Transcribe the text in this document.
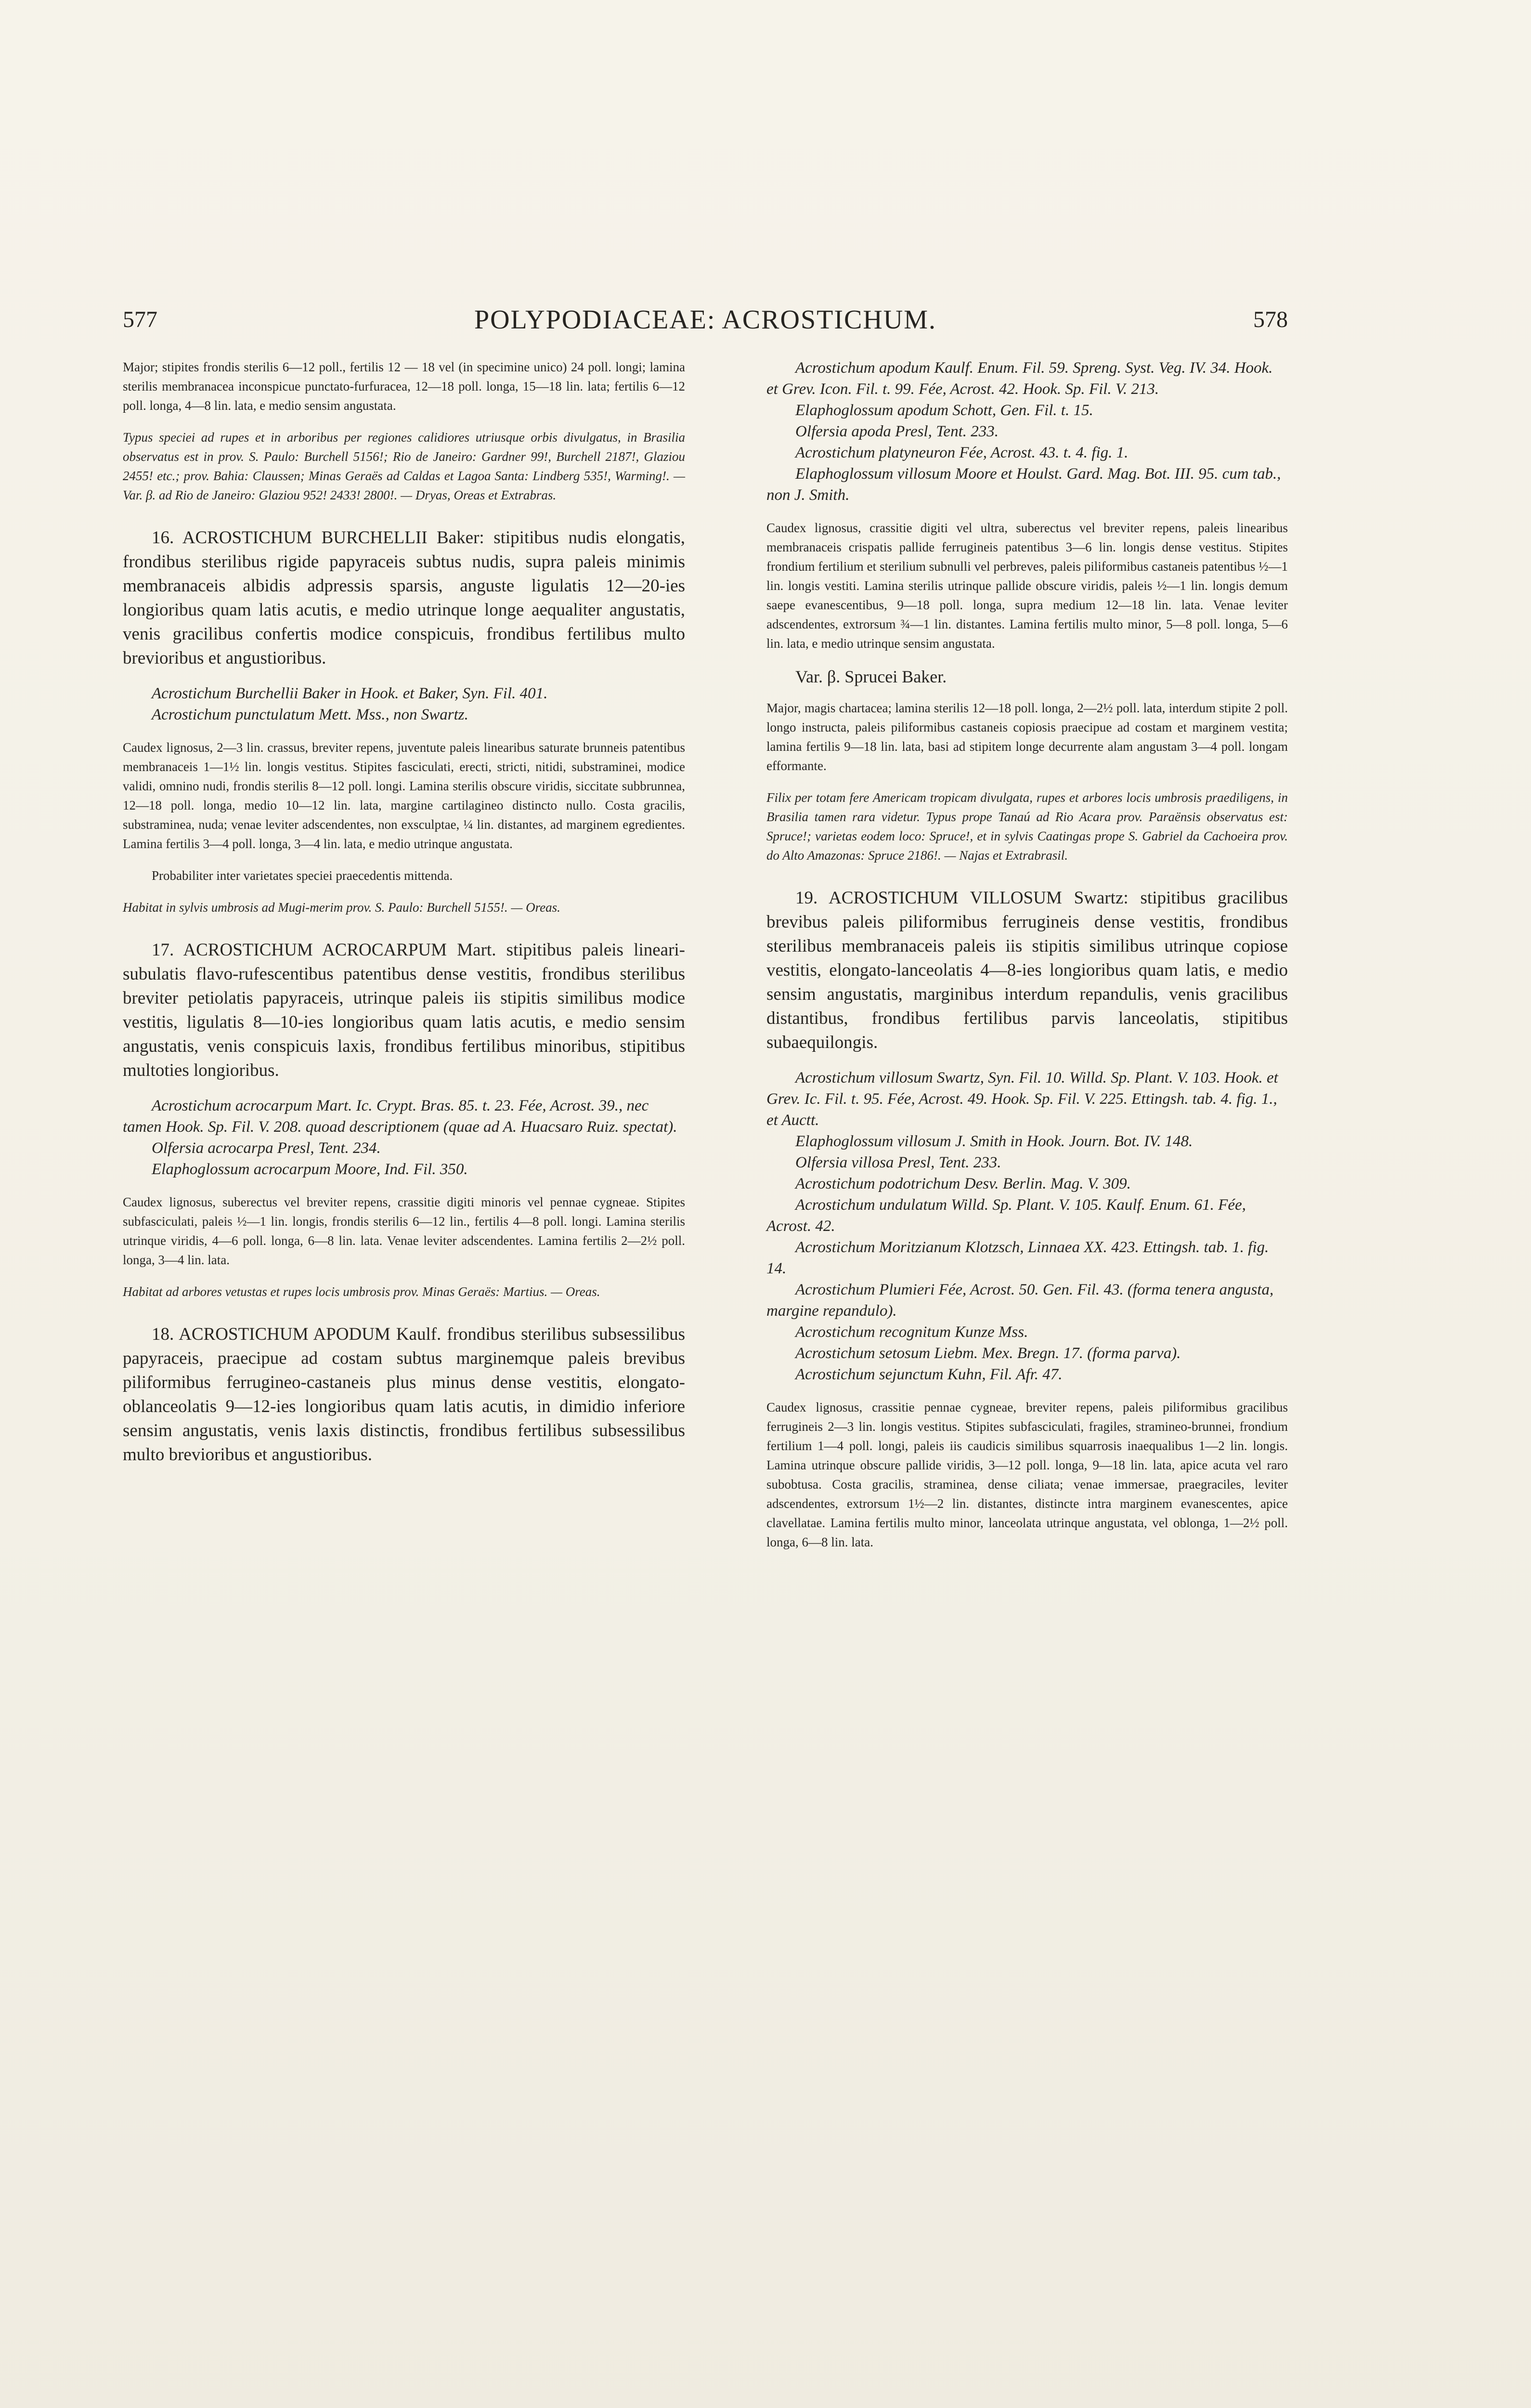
577	POLYPODIACEAE: ACROSTICHUM.	578

Major; stipites frondis sterilis 6—12 poll., fertilis 12 — 18 vel (in specimine unico) 24 poll. longi; lamina sterilis membranacea inconspicue punctato-furfuracea, 12—18 poll. longa, 15—18 lin. lata; fertilis 6—12 poll. longa, 4—8 lin. lata, e medio sensim angustata.

Typus speciei ad rupes et in arboribus per regiones calidiores utriusque orbis divulgatus, in Brasilia observatus est in prov. S. Paulo: Burchell 5156!; Rio de Janeiro: Gardner 99!, Burchell 2187!, Glaziou 2455! etc.; prov. Bahia: Claussen; Minas Geraës ad Caldas et Lagoa Santa: Lindberg 535!, Warming!. — Var. β. ad Rio de Janeiro: Glaziou 952! 2433! 2800!. — Dryas, Oreas et Extrabras.

16. ACROSTICHUM BURCHELLII Baker: stipitibus nudis elongatis, frondibus sterilibus rigide papyraceis subtus nudis, supra paleis minimis membranaceis albidis adpressis sparsis, anguste ligulatis 12—20-ies longioribus quam latis acutis, e medio utrinque longe aequaliter angustatis, venis gracilibus confertis modice conspicuis, frondibus fertilibus multo brevioribus et angustioribus.

Acrostichum Burchellii Baker in Hook. et Baker, Syn. Fil. 401.

Acrostichum punctulatum Mett. Mss., non Swartz.

Caudex lignosus, 2—3 lin. crassus, breviter repens, juventute paleis linearibus saturate brunneis patentibus membranaceis 1—1½ lin. longis vestitus. Stipites fasciculati, erecti, stricti, nitidi, substraminei, modice validi, omnino nudi, frondis sterilis 8—12 poll. longi. Lamina sterilis obscure viridis, siccitate subbrunnea, 12—18 poll. longa, medio 10—12 lin. lata, margine cartilagineo distincto nullo. Costa gracilis, substraminea, nuda; venae leviter adscendentes, non exsculptae, ¼ lin. distantes, ad marginem egredientes. Lamina fertilis 3—4 poll. longa, 3—4 lin. lata, e medio utrinque angustata.

Probabiliter inter varietates speciei praecedentis mittenda.

Habitat in sylvis umbrosis ad Mugi-merim prov. S. Paulo: Burchell 5155!. — Oreas.

17. ACROSTICHUM ACROCARPUM Mart. stipitibus paleis lineari-subulatis flavo-rufescentibus patentibus dense vestitis, frondibus sterilibus breviter petiolatis papyraceis, utrinque paleis iis stipitis similibus modice vestitis, ligulatis 8—10-ies longioribus quam latis acutis, e medio sensim angustatis, venis conspicuis laxis, frondibus fertilibus minoribus, stipitibus multoties longioribus.

Acrostichum acrocarpum Mart. Ic. Crypt. Bras. 85. t. 23. Fée, Acrost. 39., nec tamen Hook. Sp. Fil. V. 208. quoad descriptionem (quae ad A. Huacsaro Ruiz. spectat).

Olfersia acrocarpa Presl, Tent. 234.

Elaphoglossum acrocarpum Moore, Ind. Fil. 350.

Caudex lignosus, suberectus vel breviter repens, crassitie digiti minoris vel pennae cygneae. Stipites subfasciculati, paleis ½—1 lin. longis, frondis sterilis 6—12 lin., fertilis 4—8 poll. longi. Lamina sterilis utrinque viridis, 4—6 poll. longa, 6—8 lin. lata. Venae leviter adscendentes. Lamina fertilis 2—2½ poll. longa, 3—4 lin. lata.

Habitat ad arbores vetustas et rupes locis umbrosis prov. Minas Geraës: Martius. — Oreas.

18. ACROSTICHUM APODUM Kaulf. frondibus sterilibus subsessilibus papyraceis, praecipue ad costam subtus marginemque paleis brevibus piliformibus ferrugineo-castaneis plus minus dense vestitis, elongato-oblanceolatis 9—12-ies longioribus quam latis acutis, in dimidio inferiore sensim angustatis, venis laxis distinctis, frondibus fertilibus subsessilibus multo brevioribus et angustioribus.

Acrostichum apodum Kaulf. Enum. Fil. 59. Spreng. Syst. Veg. IV. 34. Hook. et Grev. Icon. Fil. t. 99. Fée, Acrost. 42. Hook. Sp. Fil. V. 213.

Elaphoglossum apodum Schott, Gen. Fil. t. 15.

Olfersia apoda Presl, Tent. 233.

Acrostichum platyneuron Fée, Acrost. 43. t. 4. fig. 1.

Elaphoglossum villosum Moore et Houlst. Gard. Mag. Bot. III. 95. cum tab., non J. Smith.

Caudex lignosus, crassitie digiti vel ultra, suberectus vel breviter repens, paleis linearibus membranaceis crispatis pallide ferrugineis patentibus 3—6 lin. longis dense vestitus. Stipites frondium fertilium et sterilium subnulli vel perbreves, paleis piliformibus castaneis patentibus ½—1 lin. longis vestiti. Lamina sterilis utrinque pallide obscure viridis, paleis ½—1 lin. longis demum saepe evanescentibus, 9—18 poll. longa, supra medium 12—18 lin. lata. Venae leviter adscendentes, extrorsum ¾—1 lin. distantes. Lamina fertilis multo minor, 5—8 poll. longa, 5—6 lin. lata, e medio utrinque sensim angustata.

Var. β. Sprucei Baker.

Major, magis chartacea; lamina sterilis 12—18 poll. longa, 2—2½ poll. lata, interdum stipite 2 poll. longo instructa, paleis piliformibus castaneis copiosis praecipue ad costam et marginem vestita; lamina fertilis 9—18 lin. lata, basi ad stipitem longe decurrente alam angustam 3—4 poll. longam efformante.

Filix per totam fere Americam tropicam divulgata, rupes et arbores locis umbrosis praediligens, in Brasilia tamen rara videtur. Typus prope Tanaú ad Rio Acara prov. Paraënsis observatus est: Spruce!; varietas eodem loco: Spruce!, et in sylvis Caatingas prope S. Gabriel da Cachoeira prov. do Alto Amazonas: Spruce 2186!. — Najas et Extrabrasil.

19. ACROSTICHUM VILLOSUM Swartz: stipitibus gracilibus brevibus paleis piliformibus ferrugineis dense vestitis, frondibus sterilibus membranaceis paleis iis stipitis similibus utrinque copiose vestitis, elongato-lanceolatis 4—8-ies longioribus quam latis, e medio sensim angustatis, marginibus interdum repandulis, venis gracilibus distantibus, frondibus fertilibus parvis lanceolatis, stipitibus subaequilongis.

Acrostichum villosum Swartz, Syn. Fil. 10. Willd. Sp. Plant. V. 103. Hook. et Grev. Ic. Fil. t. 95. Fée, Acrost. 49. Hook. Sp. Fil. V. 225. Ettingsh. tab. 4. fig. 1., et Auctt.

Elaphoglossum villosum J. Smith in Hook. Journ. Bot. IV. 148.

Olfersia villosa Presl, Tent. 233.

Acrostichum podotrichum Desv. Berlin. Mag. V. 309.

Acrostichum undulatum Willd. Sp. Plant. V. 105. Kaulf. Enum. 61. Fée, Acrost. 42.

Acrostichum Moritzianum Klotzsch, Linnaea XX. 423. Ettingsh. tab. 1. fig. 14.

Acrostichum Plumieri Fée, Acrost. 50. Gen. Fil. 43. (forma tenera angusta, margine repandulo).

Acrostichum recognitum Kunze Mss.

Acrostichum setosum Liebm. Mex. Bregn. 17. (forma parva).

Acrostichum sejunctum Kuhn, Fil. Afr. 47.

Caudex lignosus, crassitie pennae cygneae, breviter repens, paleis piliformibus gracilibus ferrugineis 2—3 lin. longis vestitus. Stipites subfasciculati, fragiles, stramineo-brunnei, frondium fertilium 1—4 poll. longi, paleis iis caudicis similibus squarrosis inaequalibus 1—2 lin. longis. Lamina utrinque obscure pallide viridis, 3—12 poll. longa, 9—18 lin. lata, apice acuta vel raro subobtusa. Costa gracilis, straminea, dense ciliata; venae immersae, praegraciles, leviter adscendentes, extrorsum 1½—2 lin. distantes, distincte intra marginem evanescentes, apice clavellatae. Lamina fertilis multo minor, lanceolata utrinque angustata, vel oblonga, 1—2½ poll. longa, 6—8 lin. lata.
